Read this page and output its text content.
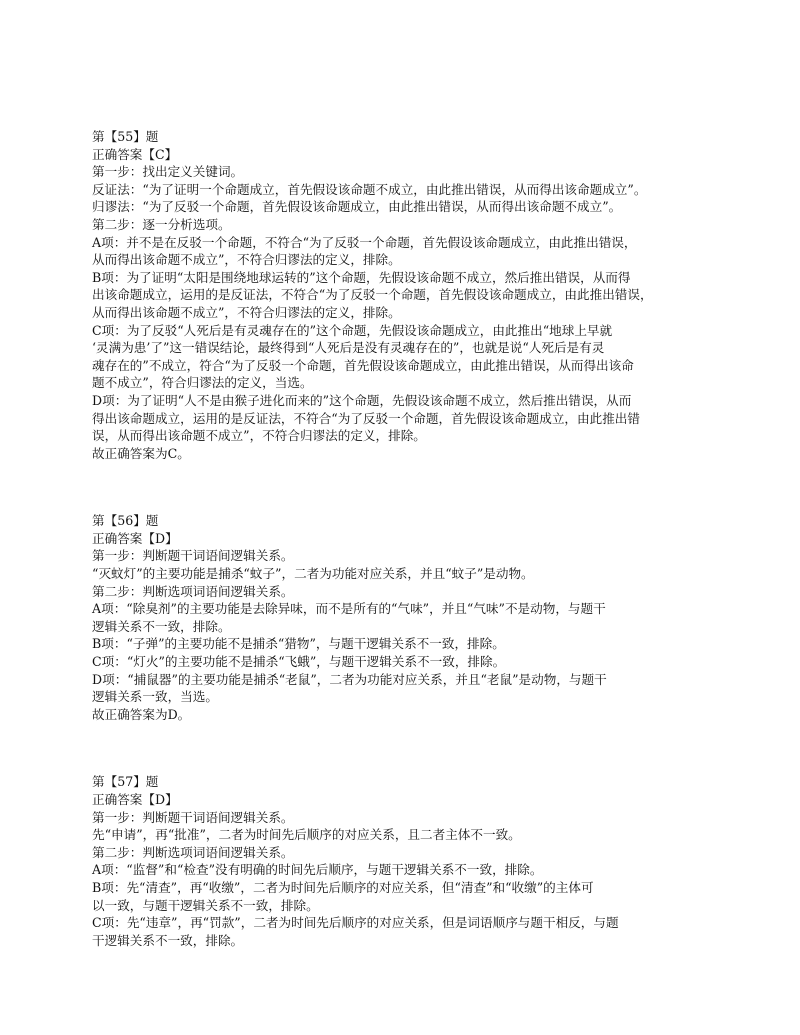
第【55】题
正确答案【C】
第一步：找出定义关键词。
反证法：“为了证明一个命题成立，首先假设该命题不成立，由此推出错误，从而得出该命题成立”。
归谬法：“为了反驳一个命题，首先假设该命题成立，由此推出错误，从而得出该命题不成立”。
第二步：逐一分析选项。
A项：并不是在反驳一个命题，不符合“为了反驳一个命题，首先假设该命题成立，由此推出错误，
从而得出该命题不成立”，不符合归谬法的定义，排除。
B项：为了证明“太阳是围绕地球运转的”这个命题，先假设该命题不成立，然后推出错误，从而得
出该命题成立，运用的是反证法，不符合“为了反驳一个命题，首先假设该命题成立，由此推出错误，
从而得出该命题不成立”，不符合归谬法的定义，排除。
C项：为了反驳“人死后是有灵魂存在的”这个命题，先假设该命题成立，由此推出“地球上早就
‘灵满为患’了”这一错误结论，最终得到“人死后是没有灵魂存在的”，也就是说“人死后是有灵
魂存在的”不成立，符合“为了反驳一个命题，首先假设该命题成立，由此推出错误，从而得出该命
题不成立”，符合归谬法的定义，当选。
D项：为了证明“人不是由猴子进化而来的”这个命题，先假设该命题不成立，然后推出错误，从而
得出该命题成立，运用的是反证法，不符合“为了反驳一个命题，首先假设该命题成立，由此推出错
误，从而得出该命题不成立”，不符合归谬法的定义，排除。
故正确答案为C。
第【56】题
正确答案【D】
第一步：判断题干词语间逻辑关系。
“灭蚊灯”的主要功能是捕杀“蚊子”，二者为功能对应关系，并且“蚊子”是动物。
第二步：判断选项词语间逻辑关系。
A项：“除臭剂”的主要功能是去除异味，而不是所有的“气味”，并且“气味”不是动物，与题干
逻辑关系不一致，排除。
B项：“子弹”的主要功能不是捕杀“猎物”，与题干逻辑关系不一致，排除。
C项：“灯火”的主要功能不是捕杀“飞蛾”，与题干逻辑关系不一致，排除。
D项：“捕鼠器”的主要功能是捕杀“老鼠”，二者为功能对应关系，并且“老鼠”是动物，与题干
逻辑关系一致，当选。
故正确答案为D。
第【57】题
正确答案【D】
第一步：判断题干词语间逻辑关系。
先“申请”，再“批准”，二者为时间先后顺序的对应关系，且二者主体不一致。
第二步：判断选项词语间逻辑关系。
A项：“监督”和“检查”没有明确的时间先后顺序，与题干逻辑关系不一致，排除。
B项：先“清查”，再“收缴”，二者为时间先后顺序的对应关系，但“清查”和“收缴”的主体可
以一致，与题干逻辑关系不一致，排除。
C项：先“违章”，再“罚款”，二者为时间先后顺序的对应关系，但是词语顺序与题干相反，与题
干逻辑关系不一致，排除。
